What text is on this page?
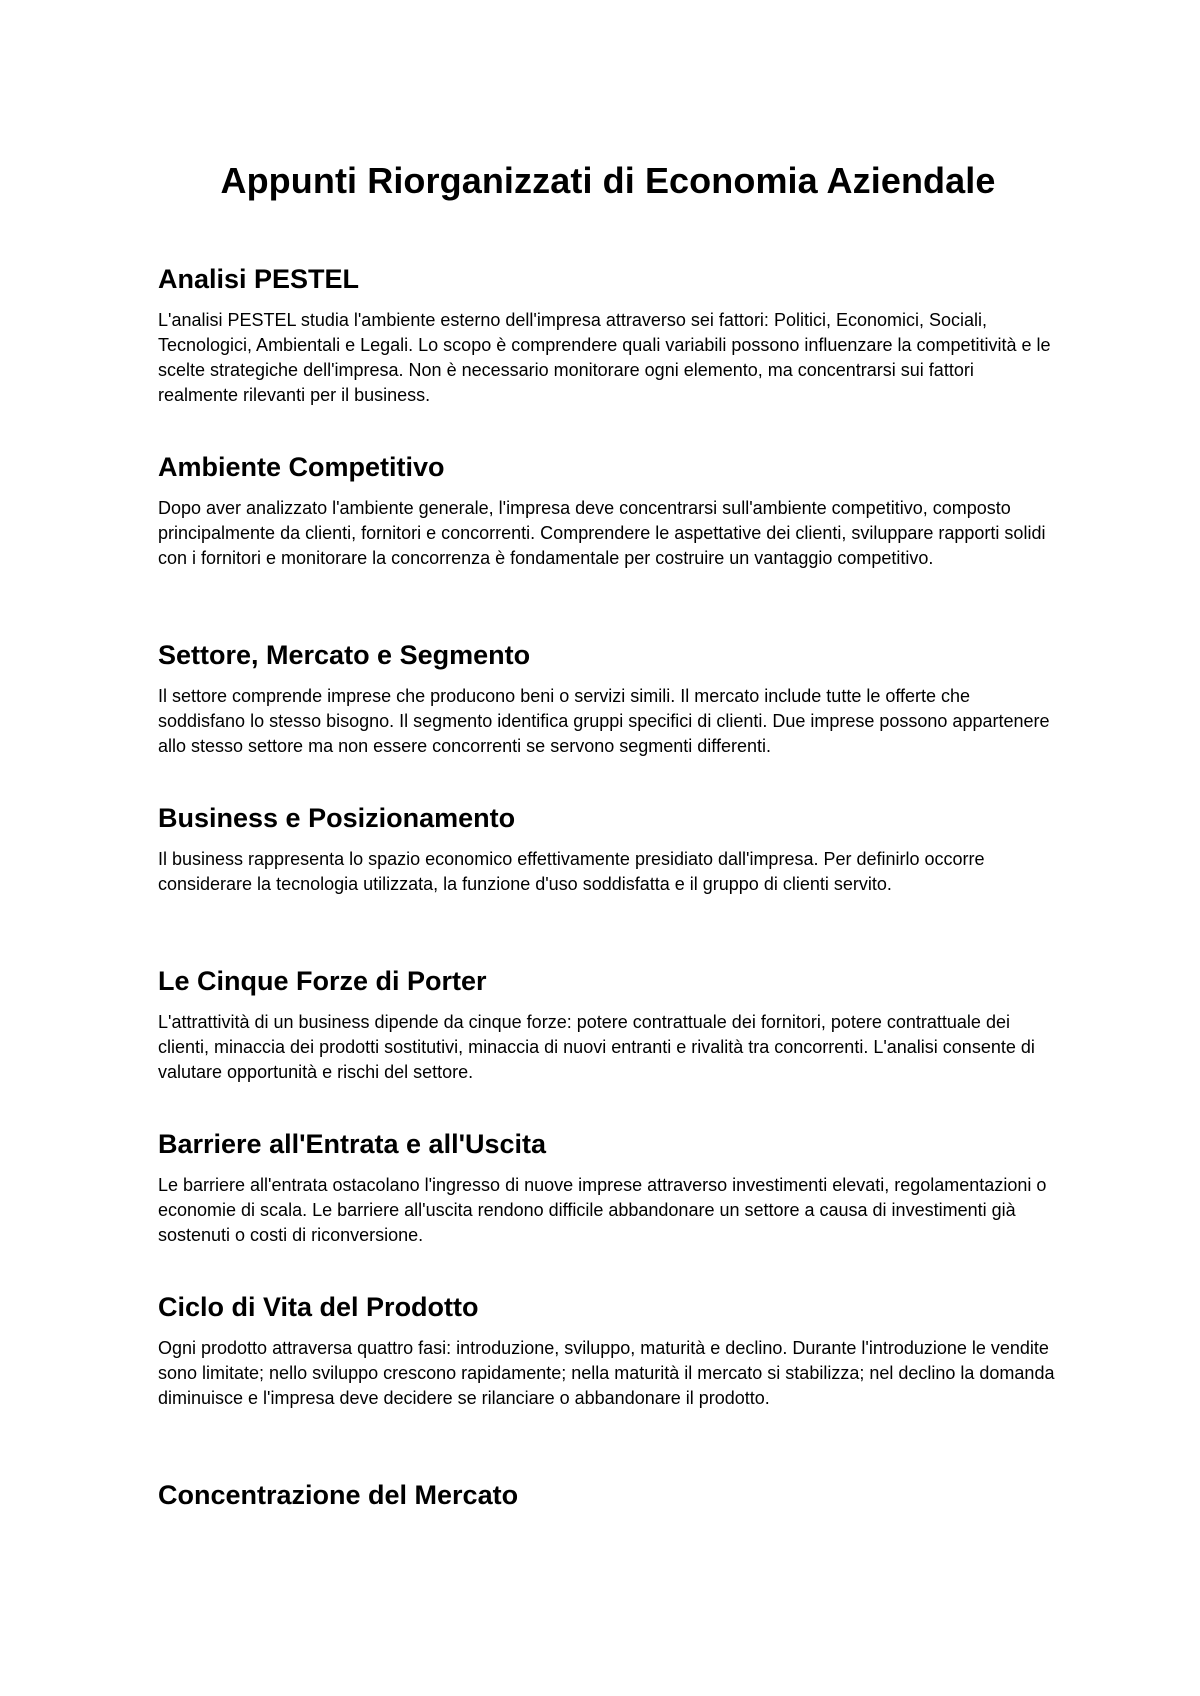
Appunti Riorganizzati di Economia Aziendale
Analisi PESTEL

L'analisi PESTEL studia l'ambiente esterno dell'impresa attraverso sei fattori: Politici, Economici, Sociali, Tecnologici, Ambientali e Legali. Lo scopo è comprendere quali variabili possono influenzare la competitività e le scelte strategiche dell'impresa. Non è necessario monitorare ogni elemento, ma concentrarsi sui fattori realmente rilevanti per il business.

Ambiente Competitivo

Dopo aver analizzato l'ambiente generale, l'impresa deve concentrarsi sull'ambiente competitivo, composto principalmente da clienti, fornitori e concorrenti. Comprendere le aspettative dei clienti, sviluppare rapporti solidi con i fornitori e monitorare la concorrenza è fondamentale per costruire un vantaggio competitivo.

Settore, Mercato e Segmento

Il settore comprende imprese che producono beni o servizi simili. Il mercato include tutte le offerte che soddisfano lo stesso bisogno. Il segmento identifica gruppi specifici di clienti. Due imprese possono appartenere allo stesso settore ma non essere concorrenti se servono segmenti differenti.

Business e Posizionamento

Il business rappresenta lo spazio economico effettivamente presidiato dall'impresa. Per definirlo occorre considerare la tecnologia utilizzata, la funzione d'uso soddisfatta e il gruppo di clienti servito.

Le Cinque Forze di Porter

L'attrattività di un business dipende da cinque forze: potere contrattuale dei fornitori, potere contrattuale dei clienti, minaccia dei prodotti sostitutivi, minaccia di nuovi entranti e rivalità tra concorrenti. L'analisi consente di valutare opportunità e rischi del settore.

Barriere all'Entrata e all'Uscita

Le barriere all'entrata ostacolano l'ingresso di nuove imprese attraverso investimenti elevati, regolamentazioni o economie di scala. Le barriere all'uscita rendono difficile abbandonare un settore a causa di investimenti già sostenuti o costi di riconversione.

Ciclo di Vita del Prodotto

Ogni prodotto attraversa quattro fasi: introduzione, sviluppo, maturità e declino. Durante l'introduzione le vendite sono limitate; nello sviluppo crescono rapidamente; nella maturità il mercato si stabilizza; nel declino la domanda diminuisce e l'impresa deve decidere se rilanciare o abbandonare il prodotto.

Concentrazione del Mercato
